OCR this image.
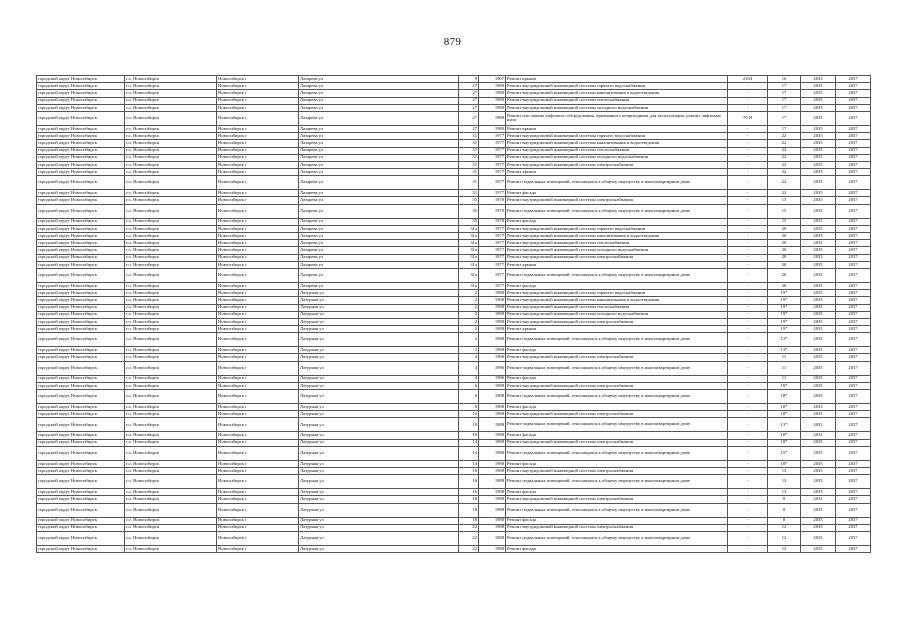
879
городской округ Новосибирск	г.о. Новосибирск	Новосибирск г	Лазарева ул	9	1967	Ремонт крыши	2104	16	2035	2037
городской округ Новосибирск	г.о. Новосибирск	Новосибирск г	Лазарева ул	27	1980	Ремонт внутридомовой инженерной системы горячего водоснабжения	-	17	2035	2037
городской округ Новосибирск	г.о. Новосибирск	Новосибирск г	Лазарева ул	27	1980	Ремонт внутридомовой инженерной системы канализования и водоотведения	-	17	2035	2037
городской округ Новосибирск	г.о. Новосибирск	Новосибирск г	Лазарева ул	27	1980	Ремонт внутридомовой инженерной системы теплоснабжения	-	17	2035	2037
городской округ Новосибирск	г.о. Новосибирск	Новосибирск г	Лазарева ул	27	1980	Ремонт внутридомовой инженерной системы холодного водоснабжения	-	17	2035	2037
городской округ Новосибирск	г.о. Новосибирск	Новосибирск г	Лазарева ул	27	1980	Ремонт или замена лифтового оборудования, признанного непригодным для эксплуатации, ремонт лифтовых шахт	79 И	17	2035	2037
городской округ Новосибирск	г.о. Новосибирск	Новосибирск г	Лазарева ул	27	1980	Ремонт крыши	-	17	2035	2037
городской округ Новосибирск	г.о. Новосибирск	Новосибирск г	Лазарева ул	31	1977	Ремонт внутридомовой инженерной системы горячего водоснабжения	-	22	2035	2037
городской округ Новосибирск	г.о. Новосибирск	Новосибирск г	Лазарева ул	31	1977	Ремонт внутридомовой инженерной системы канализования и водоотведения	-	22	2035	2037
городской округ Новосибирск	г.о. Новосибирск	Новосибирск г	Лазарева ул	31	1977	Ремонт внутридомовой инженерной системы теплоснабжения	-	22	2035	2037
городской округ Новосибирск	г.о. Новосибирск	Новосибирск г	Лазарева ул	31	1977	Ремонт внутридомовой инженерной системы холодного водоснабжения	-	22	2035	2037
городской округ Новосибирск	г.о. Новосибирск	Новосибирск г	Лазарева ул	31	1977	Ремонт внутридомовой инженерной системы электроснабжения	-	22	2035	2037
городской округ Новосибирск	г.о. Новосибирск	Новосибирск г	Лазарева ул	31	1977	Ремонт крыши	-	22	2035	2037
городской округ Новосибирск	г.о. Новосибирск	Новосибирск г	Лазарева ул	31	1977	Ремонт подвальных помещений, относящихся к общему имуществу в многоквартирном доме	-	22	2035	2037
городской округ Новосибирск	г.о. Новосибирск	Новосибирск г	Лазарева ул	31	1977	Ремонт фасада	-	22	2035	2037
городской округ Новосибирск	г.о. Новосибирск	Новосибирск г	Лазарева ул	35	1978	Ремонт внутридомовой инженерной системы электроснабжения	-	15	2035	2037
городской округ Новосибирск	г.о. Новосибирск	Новосибирск г	Лазарева ул	35	1978	Ремонт подвальных помещений, относящихся к общему имуществу в многоквартирном доме	-	15	2035	2037
городской округ Новосибирск	г.о. Новосибирск	Новосибирск г	Лазарева ул	35	1978	Ремонт фасада	-	15	2035	2037
городской округ Новосибирск	г.о. Новосибирск	Новосибирск г	Лазарева ул	31а	1977	Ремонт внутридомовой инженерной системы горячего водоснабжения	-	20	2035	2037
городской округ Новосибирск	г.о. Новосибирск	Новосибирск г	Лазарева ул	31а	1977	Ремонт внутридомовой инженерной системы канализования и водоотведения	-	20	2035	2037
городской округ Новосибирск	г.о. Новосибирск	Новосибирск г	Лазарева ул	31а	1977	Ремонт внутридомовой инженерной системы теплоснабжения	-	20	2035	2037
городской округ Новосибирск	г.о. Новосибирск	Новосибирск г	Лазарева ул	31а	1977	Ремонт внутридомовой инженерной системы холодного водоснабжения	-	20	2035	2037
городской округ Новосибирск	г.о. Новосибирск	Новосибирск г	Лазарева ул	31а	1977	Ремонт внутридомовой инженерной системы электроснабжения	-	20	2035	2037
городской округ Новосибирск	г.о. Новосибирск	Новосибирск г	Лазарева ул	31а	1977	Ремонт крыши	-	20	2035	2037
городской округ Новосибирск	г.о. Новосибирск	Новосибирск г	Лазарева ул	31а	1977	Ремонт подвальных помещений, относящихся к общему имуществу в многоквартирном доме	-	20	2035	2037
городской округ Новосибирск	г.о. Новосибирск	Новосибирск г	Лазарева ул	31а	1977	Ремонт фасада	-	20	2035	2037
городской округ Новосибирск	г.о. Новосибирск	Новосибирск г	Лазурная ул	2	1988	Ремонт внутридомовой инженерной системы горячего водоснабжения	-	19*	2035	2037
городской округ Новосибирск	г.о. Новосибирск	Новосибирск г	Лазурная ул	2	1988	Ремонт внутридомовой инженерной системы канализования и водоотведения	-	19*	2035	2037
городской округ Новосибирск	г.о. Новосибирск	Новосибирск г	Лазурная ул	2	1988	Ремонт внутридомовой инженерной системы теплоснабжения	-	19*	2035	2037
городской округ Новосибирск	г.о. Новосибирск	Новосибирск г	Лазурная ул	2	1988	Ремонт внутридомовой инженерной системы холодного водоснабжения	-	19*	2035	2037
городской округ Новосибирск	г.о. Новосибирск	Новосибирск г	Лазурная ул	2	1988	Ремонт внутридомовой инженерной системы электроснабжения	-	19*	2035	2037
городской округ Новосибирск	г.о. Новосибирск	Новосибирск г	Лазурная ул	2	1988	Ремонт крыши	-	19*	2035	2037
городской округ Новосибирск	г.о. Новосибирск	Новосибирск г	Лазурная ул	2	1988	Ремонт подвальных помещений, относящихся к общему имуществу в многоквартирном доме	-	13*	2035	2037
городской округ Новосибирск	г.о. Новосибирск	Новосибирск г	Лазурная ул	2	1988	Ремонт фасада	-	13*	2035	2037
городской округ Новосибирск	г.о. Новосибирск	Новосибирск г	Лазурная ул	4	1986	Ремонт внутридомовой инженерной системы электроснабжения	-	11	2035	2037
городской округ Новосибирск	г.о. Новосибирск	Новосибирск г	Лазурная ул	4	1986	Ремонт подвальных помещений, относящихся к общему имуществу в многоквартирном доме	-	11	2035	2037
городской округ Новосибирск	г.о. Новосибирск	Новосибирск г	Лазурная ул	4	1986	Ремонт фасада	-	11	2035	2037
городской округ Новосибирск	г.о. Новосибирск	Новосибирск г	Лазурная ул	6	1988	Ремонт внутридомовой инженерной системы электроснабжения	-	18*	2035	2037
городской округ Новосибирск	г.о. Новосибирск	Новосибирск г	Лазурная ул	6	1988	Ремонт подвальных помещений, относящихся к общему имуществу в многоквартирном доме	-	18*	2035	2037
городской округ Новосибирск	г.о. Новосибирск	Новосибирск г	Лазурная ул	6	1988	Ремонт фасада	-	18*	2035	2037
городской округ Новосибирск	г.о. Новосибирск	Новосибирск г	Лазурная ул	10	1988	Ремонт внутридомовой инженерной системы электроснабжения	-	18*	2035	2037
городской округ Новосибирск	г.о. Новосибирск	Новосибирск г	Лазурная ул	10	1988	Ремонт подвальных помещений, относящихся к общему имуществу в многоквартирном доме	-	13*	2035	2037
городской округ Новосибирск	г.о. Новосибирск	Новосибирск г	Лазурная ул	10	1988	Ремонт фасада	-	18*	2035	2037
городской округ Новосибирск	г.о. Новосибирск	Новосибирск г	Лазурная ул	14	1988	Ремонт внутридомовой инженерной системы электроснабжения	-	18*	2035	2037
городской округ Новосибирск	г.о. Новосибирск	Новосибирск г	Лазурная ул	14	1988	Ремонт подвальных помещений, относящихся к общему имуществу в многоквартирном доме	-	15*	2035	2037
городской округ Новосибирск	г.о. Новосибирск	Новосибирск г	Лазурная ул	14	1988	Ремонт фасада	-	18*	2035	2037
городской округ Новосибирск	г.о. Новосибирск	Новосибирск г	Лазурная ул	16	1988	Ремонт внутридомовой инженерной системы электроснабжения	-	13	2035	2037
городской округ Новосибирск	г.о. Новосибирск	Новосибирск г	Лазурная ул	16	1988	Ремонт подвальных помещений, относящихся к общему имуществу в многоквартирном доме	-	13	2035	2037
городской округ Новосибирск	г.о. Новосибирск	Новосибирск г	Лазурная ул	16	1988	Ремонт фасада	-	13	2035	2037
городской округ Новосибирск	г.о. Новосибирск	Новосибирск г	Лазурная ул	18	1988	Ремонт внутридомовой инженерной системы электроснабжения	-	8	2035	2037
городской округ Новосибирск	г.о. Новосибирск	Новосибирск г	Лазурная ул	18	1988	Ремонт подвальных помещений, относящихся к общему имуществу в многоквартирном доме	-	8	2035	2037
городской округ Новосибирск	г.о. Новосибирск	Новосибирск г	Лазурная ул	18	1988	Ремонт фасада	-	8	2035	2037
городской округ Новосибирск	г.о. Новосибирск	Новосибирск г	Лазурная ул	22	1988	Ремонт внутридомовой инженерной системы электроснабжения	-	12	2035	2037
городской округ Новосибирск	г.о. Новосибирск	Новосибирск г	Лазурная ул	22	1988	Ремонт подвальных помещений, относящихся к общему имуществу в многоквартирном доме	-	12	2035	2037
городской округ Новосибирск	г.о. Новосибирск	Новосибирск г	Лазурная ул	22	1988	Ремонт фасада	-	12	2035	2037
